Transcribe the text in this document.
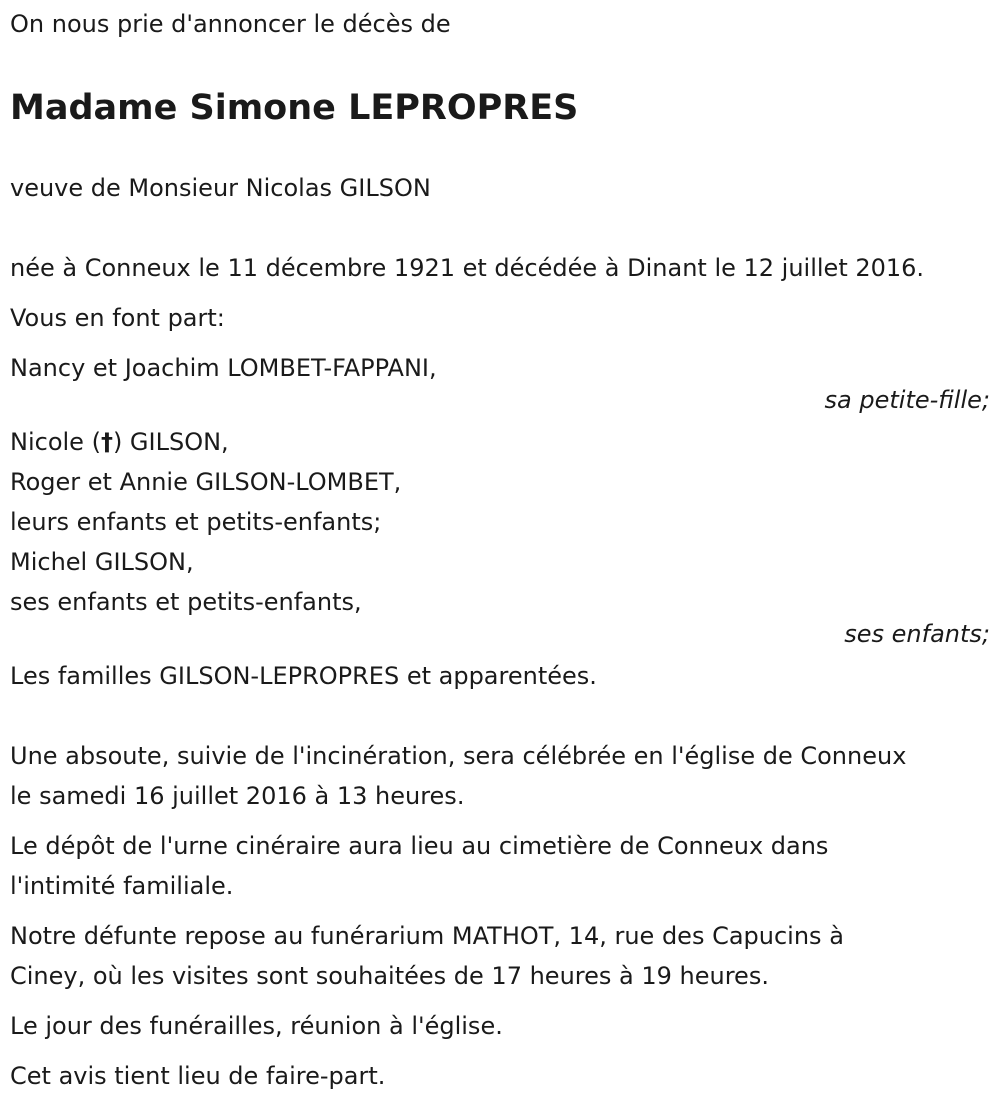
On nous prie d'annoncer le décès de
Madame Simone LEPROPRES
veuve de Monsieur Nicolas GILSON
née à Conneux le 11 décembre 1921 et décédée à Dinant le 12 juillet 2016.
Vous en font part:
Nancy et Joachim LOMBET-FAPPANI,
sa petite-fille;
Nicole (†) GILSON,
Roger et Annie GILSON-LOMBET,
leurs enfants et petits-enfants;
Michel GILSON,
ses enfants et petits-enfants,
ses enfants;
Les familles GILSON-LEPROPRES et apparentées.
Une absoute, suivie de l'incinération, sera célébrée en l'église de Conneux
le samedi 16 juillet 2016 à 13 heures.
Le dépôt de l'urne cinéraire aura lieu au cimetière de Conneux dans
l'intimité familiale.
Notre défunte repose au funérarium MATHOT, 14, rue des Capucins à
Ciney, où les visites sont souhaitées de 17 heures à 19 heures.
Le jour des funérailles, réunion à l'église.
Cet avis tient lieu de faire-part.
